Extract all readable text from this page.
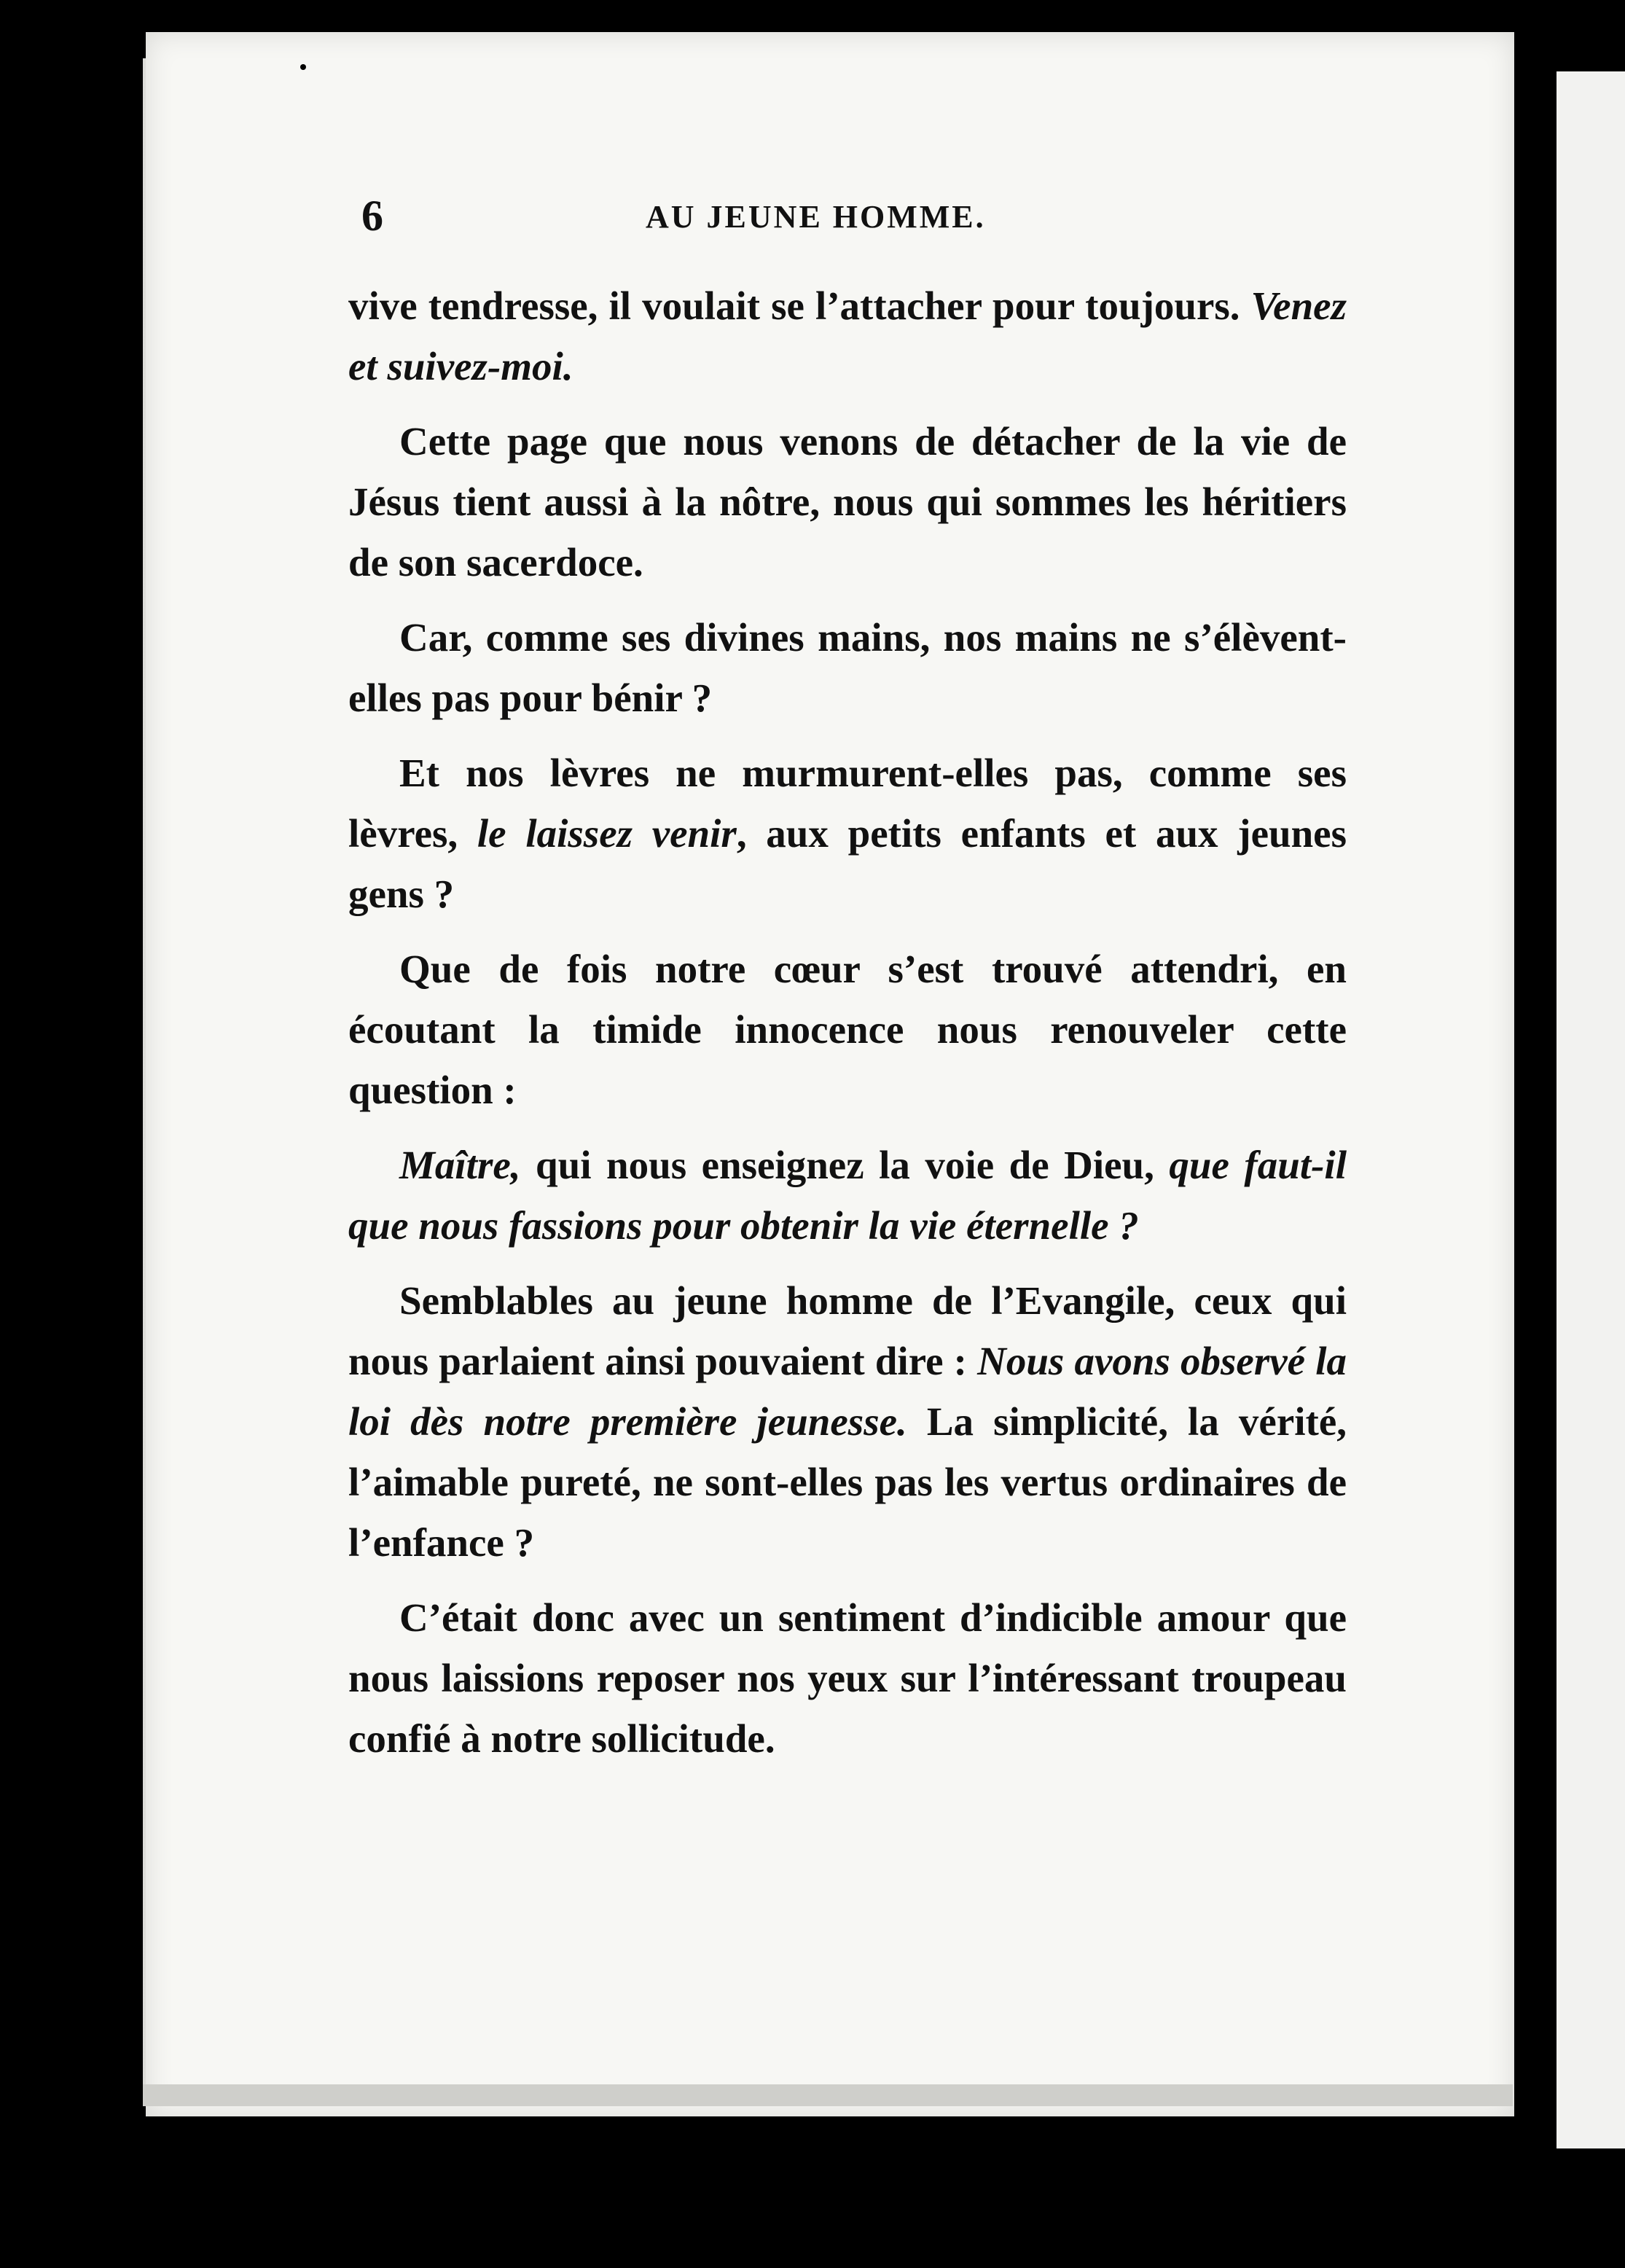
6	AU JEUNE HOMME.

vive tendresse, il voulait se l’attacher pour toujours. Venez et suivez-moi.

Cette page que nous venons de détacher de la vie de Jésus tient aussi à la nôtre, nous qui sommes les héritiers de son sacerdoce.

Car, comme ses divines mains, nos mains ne s’élèvent-elles pas pour bénir ?

Et nos lèvres ne murmurent-elles pas, comme ses lèvres, le laissez venir, aux petits enfants et aux jeunes gens ?

Que de fois notre cœur s’est trouvé attendri, en écoutant la timide innocence nous renouveler cette question :

Maître, qui nous enseignez la voie de Dieu, que faut-il que nous fassions pour obtenir la vie éternelle ?

Semblables au jeune homme de l’Evangile, ceux qui nous parlaient ainsi pouvaient dire : Nous avons observé la loi dès notre première jeunesse. La simplicité, la vérité, l’aimable pureté, ne sont-elles pas les vertus ordinaires de l’enfance ?

C’était donc avec un sentiment d’indicible amour que nous laissions reposer nos yeux sur l’intéressant troupeau confié à notre sollicitude.
